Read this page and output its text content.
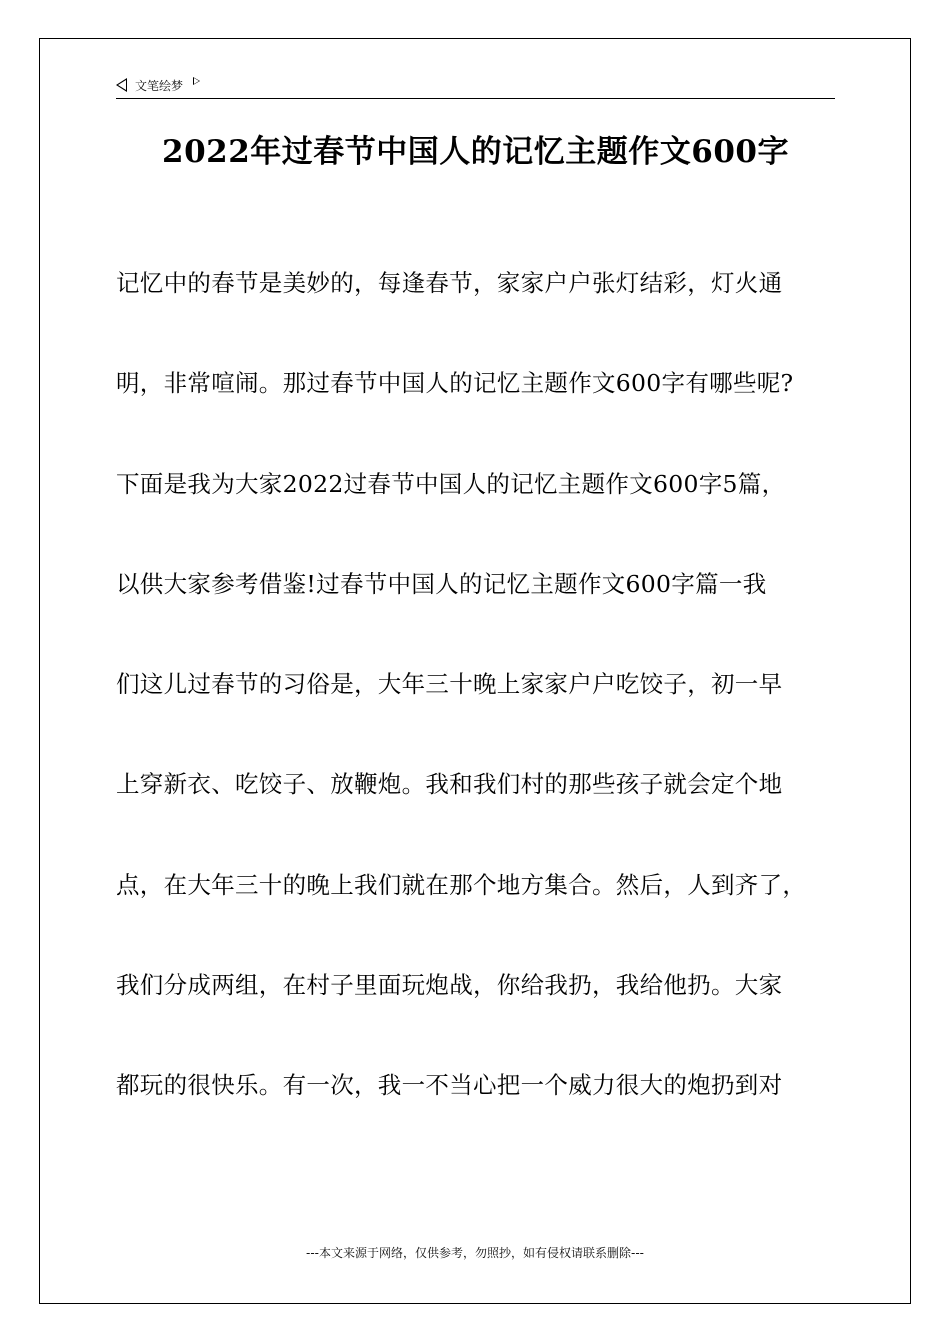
文笔绘梦
2022年过春节中国人的记忆主题作文600字
记忆中的春节是美妙的，每逢春节，家家户户张灯结彩，灯火通
明，非常喧闹。那过春节中国人的记忆主题作文600字有哪些呢?
下面是我为大家2022过春节中国人的记忆主题作文600字5篇，
以供大家参考借鉴!过春节中国人的记忆主题作文600字篇一我
们这儿过春节的习俗是，大年三十晚上家家户户吃饺子，初一早
上穿新衣、吃饺子、放鞭炮。我和我们村的那些孩子就会定个地
点，在大年三十的晚上我们就在那个地方集合。然后，人到齐了，
我们分成两组，在村子里面玩炮战，你给我扔，我给他扔。大家
都玩的很快乐。有一次，我一不当心把一个威力很大的炮扔到对
---本文来源于网络，仅供参考，勿照抄，如有侵权请联系删除---
